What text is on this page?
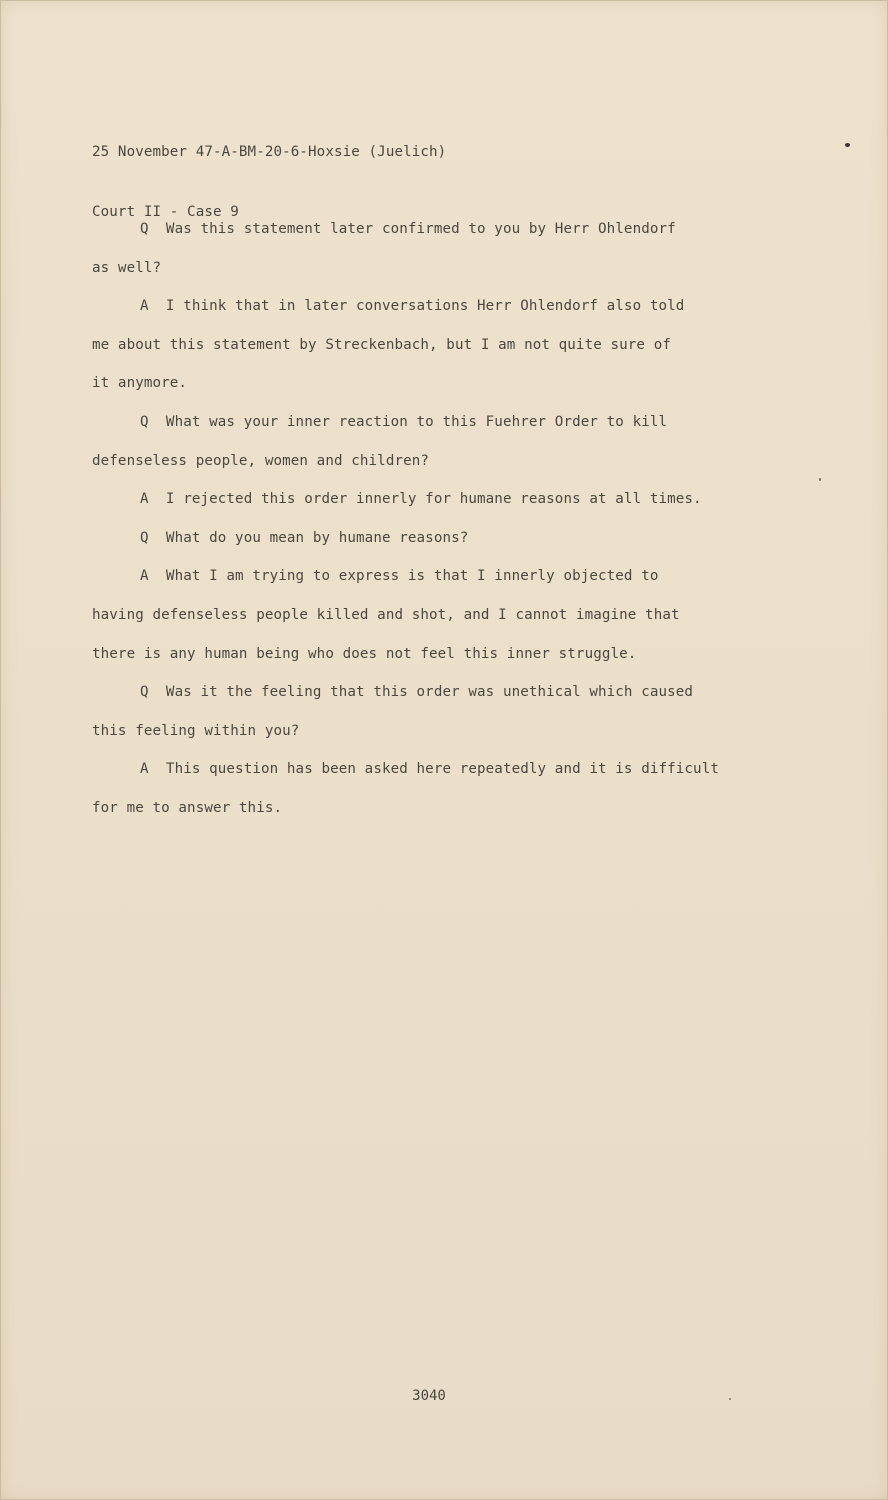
25 November 47-A-BM-20-6-Hoxsie (Juelich)

Court II - Case 9

Q  Was this statement later confirmed to you by Herr Ohlendorf
as well?
A  I think that in later conversations Herr Ohlendorf also told
me about this statement by Streckenbach, but I am not quite sure of
it anymore.
Q  What was your inner reaction to this Fuehrer Order to kill
defenseless people, women and children?
A  I rejected this order innerly for humane reasons at all times.
Q  What do you mean by humane reasons?
A  What I am trying to express is that I innerly objected to
having defenseless people killed and shot, and I cannot imagine that
there is any human being who does not feel this inner struggle.
Q  Was it the feeling that this order was unethical which caused
this feeling within you?
A  This question has been asked here repeatedly and it is difficult
for me to answer this.
3040
